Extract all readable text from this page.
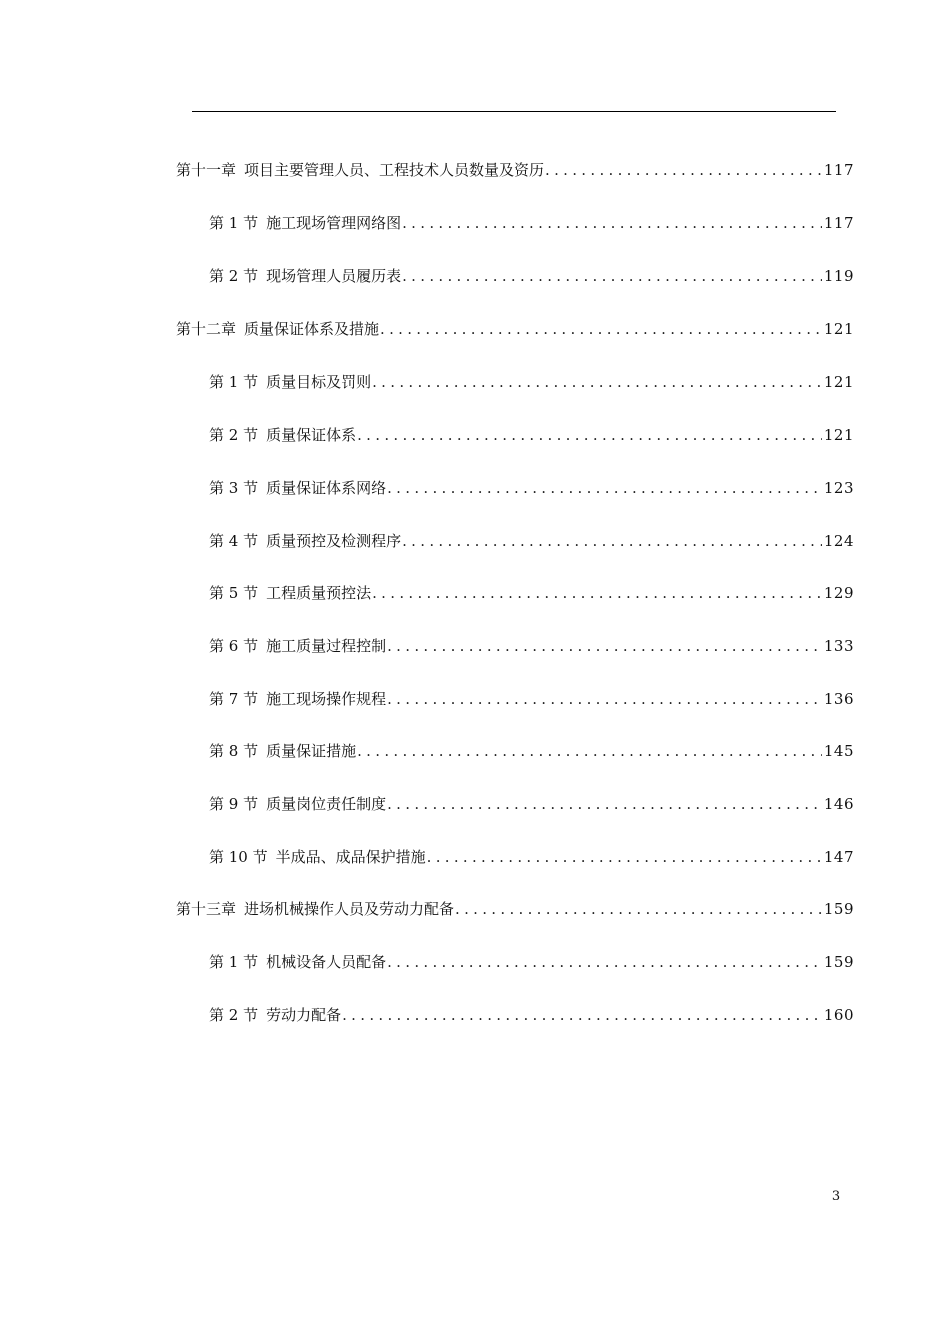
第十一章 项目主要管理人员、工程技术人员数量及资历 .....	117
第 1 节 施工现场管理网络图 .....	117
第 2 节 现场管理人员履历表 .....	119
第十二章 质量保证体系及措施 .....	121
第 1 节 质量目标及罚则 .....	121
第 2 节 质量保证体系 .....	121
第 3 节 质量保证体系网络 .....	123
第 4 节 质量预控及检测程序 .....	124
第 5 节 工程质量预控法 .....	129
第 6 节 施工质量过程控制 .....	133
第 7 节 施工现场操作规程 .....	136
第 8 节 质量保证措施 .....	145
第 9 节 质量岗位责任制度 .....	146
第 10 节 半成品、成品保护措施 .....	147
第十三章 进场机械操作人员及劳动力配备 .....	159
第 1 节 机械设备人员配备 .....	159
第 2 节 劳动力配备 .....	160
3
